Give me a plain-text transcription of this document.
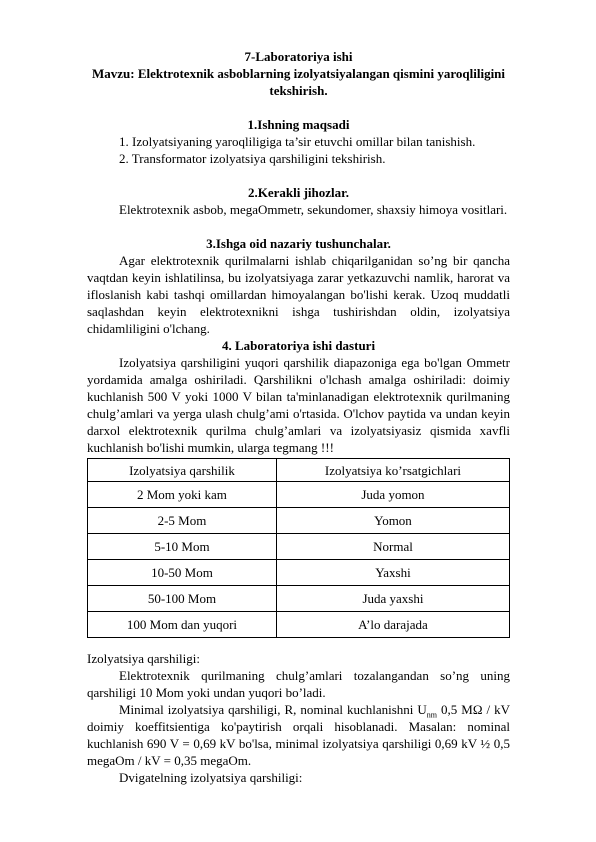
7-Laboratoriya ishi

Mavzu: Elektrotexnik asboblarning izolyatsiyalangan qismini yaroqliligini tekshirish.

1.Ishning maqsadi

1. Izolyatsiyaning yaroqliligiga ta’sir etuvchi omillar bilan tanishish.

2. Transformator izolyatsiya qarshiligini tekshirish.

2.Kerakli jihozlar.

Elektrotexnik asbob, megaOmmetr, sekundomer, shaxsiy himoya vositlari.

3.Ishga oid nazariy tushunchalar.

Agar elektrotexnik qurilmalarni ishlab chiqarilganidan so’ng bir qancha vaqtdan keyin ishlatilinsa, bu izolyatsiyaga zarar yetkazuvchi namlik, harorat va ifloslanish kabi tashqi omillardan himoyalangan bo'lishi kerak. Uzoq muddatli saqlashdan keyin elektrotexnikni ishga tushirishdan oldin, izolyatsiya chidamliligini o'lchang.

4. Laboratoriya ishi dasturi

Izolyatsiya qarshiligini yuqori qarshilik diapazoniga ega bo'lgan Ommetr yordamida amalga oshiriladi. Qarshilikni o'lchash amalga oshiriladi: doimiy kuchlanish 500 V yoki 1000 V bilan ta'minlanadigan elektrotexnik qurilmaning chulg’amlari va yerga ulash chulg’ami o'rtasida. O'lchov paytida va undan keyin darxol elektrotexnik qurilma chulg’amlari va izolyatsiyasiz qismida xavfli kuchlanish bo'lishi mumkin, ularga tegmang !!!

Izolyatsiya qarshilik	Izolyatsiya ko’rsatgichlari
2 Mom yoki kam	Juda yomon
2-5 Mom	Yomon
5-10 Mom	Normal
10-50 Mom	Yaxshi
50-100 Mom	Juda yaxshi
100 Mom dan yuqori	A’lo darajada

Izolyatsiya qarshiligi:

Elektrotexnik qurilmaning chulg’amlari tozalangandan so’ng uning qarshiligi 10 Mom yoki undan yuqori bo’ladi.

Minimal izolyatsiya qarshiligi, R, nominal kuchlanishni $U_{nm}$ 0,5 MΩ / kV doimiy koeffitsientiga ko'paytirish orqali hisoblanadi. Masalan: nominal kuchlanish 690 V = 0,69 kV bo'lsa, minimal izolyatsiya qarshiligi 0,69 kV ½ 0,5 megaOm / kV = 0,35 megaOm.

Dvigatelning izolyatsiya qarshiligi:
